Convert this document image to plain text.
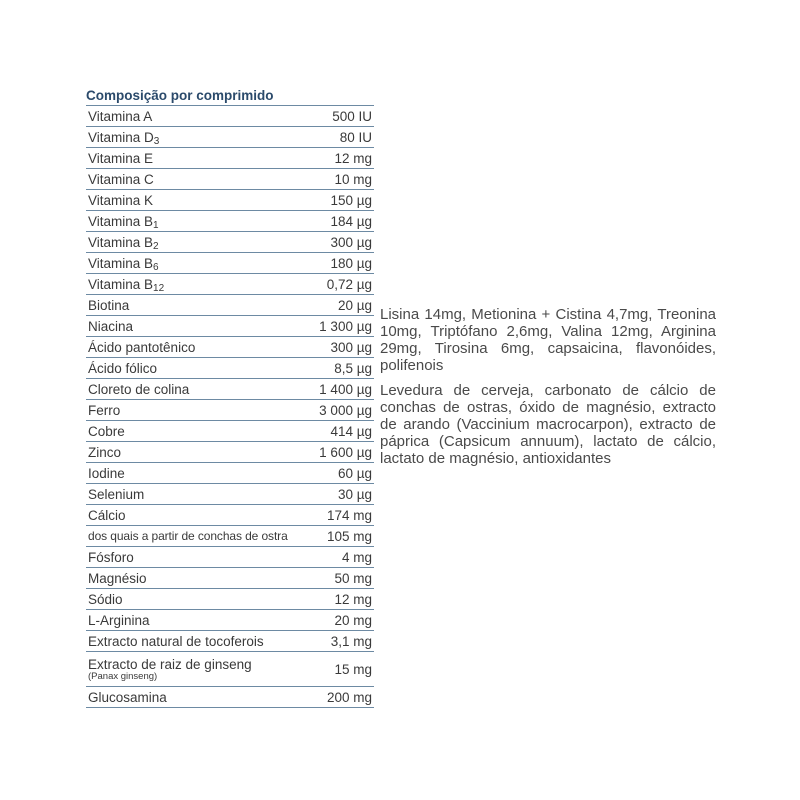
Composição por comprimido
Vitamina A	500 IU
Vitamina $D_3$	80 IU
Vitamina E	12 mg
Vitamina C	10 mg
Vitamina K	150 µg
Vitamina $B_1$	184 µg
Vitamina $B_2$	300 µg
Vitamina $B_6$	180 µg
Vitamina $B_{12}$	0,72 µg
Biotina	20 µg
Niacina	1 300 µg
Ácido pantotênico	300 µg
Ácido fólico	8,5 µg
Cloreto de colina	1 400 µg
Ferro	3 000 µg
Cobre	414 µg
Zinco	1 600 µg
Iodine	60 µg
Selenium	30 µg
Cálcio	174 mg
dos quais a partir de conchas de ostra	105 mg
Fósforo	4 mg
Magnésio	50 mg
Sódio	12 mg
L-Arginina	20 mg
Extracto natural de tocoferois	3,1 mg
Extracto de raiz de ginseng
(Panax ginseng)	15 mg
Glucosamina	200 mg
Lisina 14mg, Metionina + Cistina 4,7mg, Treonina 10mg, Triptófano 2,6mg, Valina 12mg, Arginina 29mg, Tirosina 6mg, capsaicina, flavonóides, polifenois
Levedura de cerveja, carbonato de cálcio de conchas de ostras, óxido de magnésio, extracto de arando (Vaccinium macrocarpon), extracto de páprica (Capsicum annuum), lactato de cálcio, lactato de magnésio, antioxidantes
